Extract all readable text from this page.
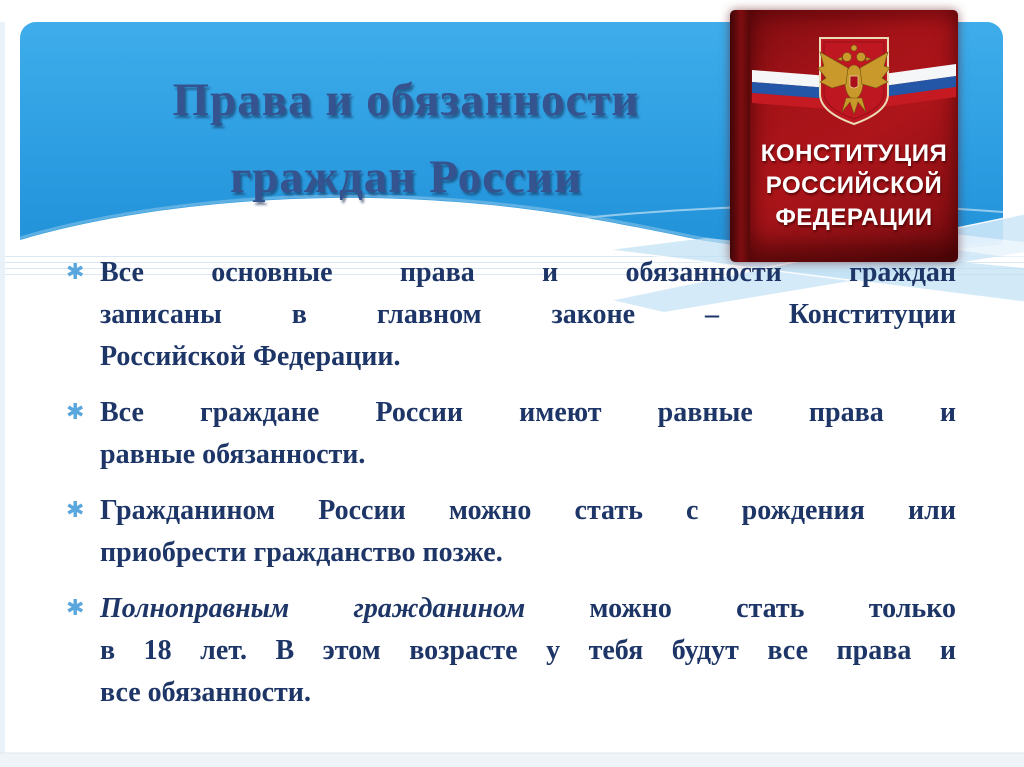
Права и обязанности
граждан России	КОНСТИТУЦИЯ
РОССИЙСКОЙ
ФЕДЕРАЦИИ
✱ Все основные права и обязанности граждан
записаны в главном законе – Конституции
Российской Федерации.
✱ Все граждане России имеют равные права и
равные обязанности.
✱ Гражданином России можно стать с рождения или
приобрести гражданство позже.
✱ Полноправным гражданином можно стать только
в 18 лет. В этом возрасте у тебя будут все права и
все обязанности.
